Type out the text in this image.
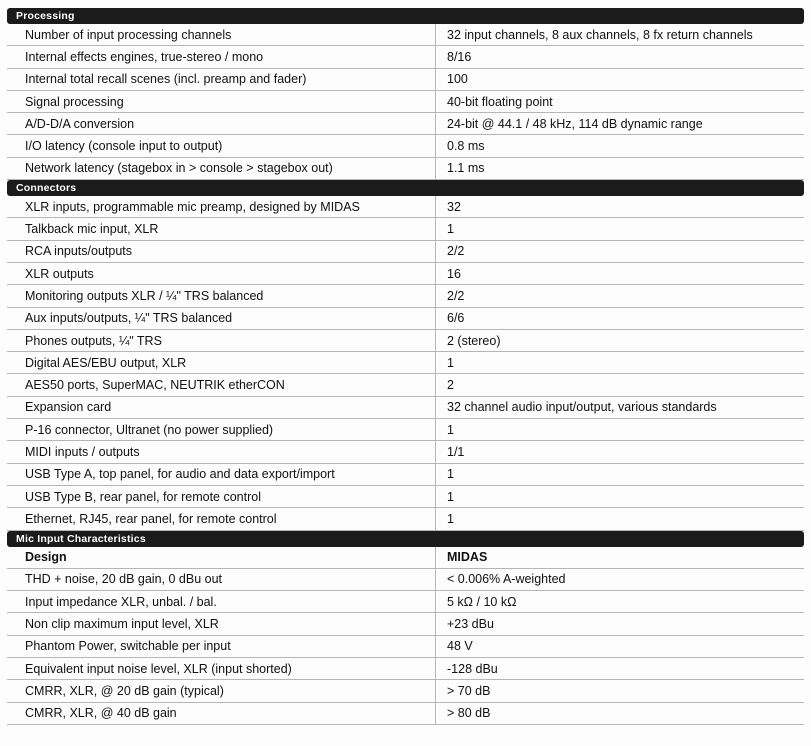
Processing
Number of input processing channels	32 input channels, 8 aux channels, 8 fx return channels
Internal effects engines, true-stereo / mono	8/16
Internal total recall scenes (incl. preamp and fader)	100
Signal processing	40-bit floating point
A/D-D/A conversion	24-bit @ 44.1 / 48 kHz, 114 dB dynamic range
I/O latency (console input to output)	0.8 ms
Network latency (stagebox in > console > stagebox out)	1.1 ms
Connectors
XLR inputs, programmable mic preamp, designed by MIDAS	32
Talkback mic input, XLR	1
RCA inputs/outputs	2/2
XLR outputs	16
Monitoring outputs XLR / ¼" TRS balanced	2/2
Aux inputs/outputs, ¼" TRS balanced	6/6
Phones outputs, ¼" TRS	2 (stereo)
Digital AES/EBU output, XLR	1
AES50 ports, SuperMAC, NEUTRIK etherCON	2
Expansion card	32 channel audio input/output, various standards
P-16 connector, Ultranet (no power supplied)	1
MIDI inputs / outputs	1/1
USB Type A, top panel, for audio and data export/import	1
USB Type B, rear panel, for remote control	1
Ethernet, RJ45, rear panel, for remote control	1
Mic Input Characteristics
Design	MIDAS
THD + noise, 20 dB gain, 0 dBu out	< 0.006% A-weighted
Input impedance XLR, unbal. / bal.	5 kΩ / 10 kΩ
Non clip maximum input level, XLR	+23 dBu
Phantom Power, switchable per input	48 V
Equivalent input noise level, XLR (input shorted)	-128 dBu
CMRR, XLR, @ 20 dB gain (typical)	> 70 dB
CMRR, XLR, @ 40 dB gain	> 80 dB
